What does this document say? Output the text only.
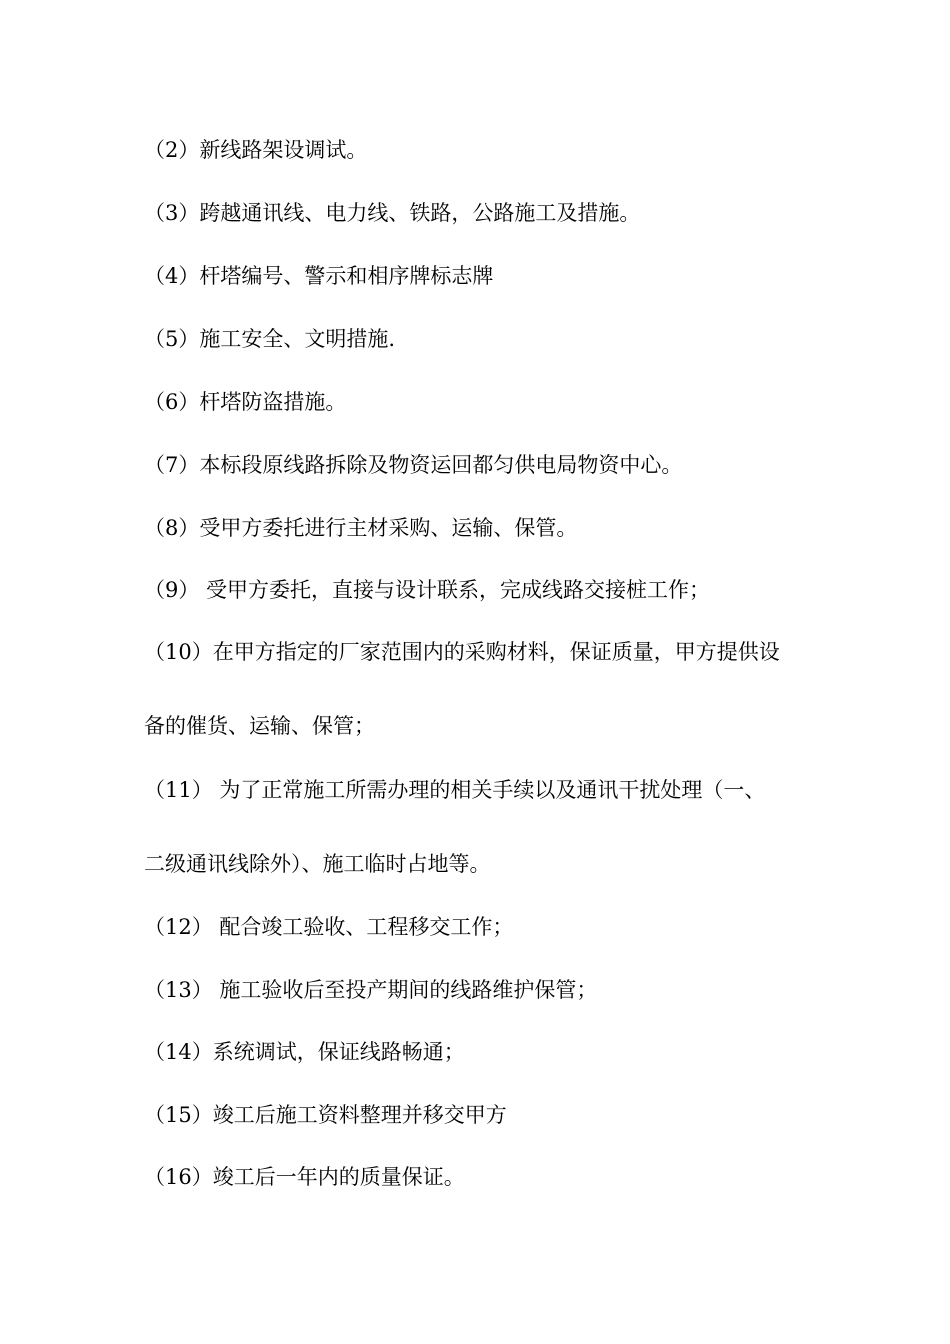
（2）新线路架设调试。
（3）跨越通讯线、电力线、铁路，公路施工及措施。
（4）杆塔编号、警示和相序牌标志牌
（5）施工安全、文明措施.
（6）杆塔防盗措施。
（7）本标段原线路拆除及物资运回都匀供电局物资中心。
（8）受甲方委托进行主材采购、运输、保管。
（9） 受甲方委托，直接与设计联系，完成线路交接桩工作；
（10）在甲方指定的厂家范围内的采购材料，保证质量，甲方提供设
备的催货、运输、保管；
（11） 为了正常施工所需办理的相关手续以及通讯干扰处理（一、
二级通讯线除外）、施工临时占地等。
（12） 配合竣工验收、工程移交工作；
（13） 施工验收后至投产期间的线路维护保管；
（14）系统调试，保证线路畅通；
（15）竣工后施工资料整理并移交甲方
（16）竣工后一年内的质量保证。
